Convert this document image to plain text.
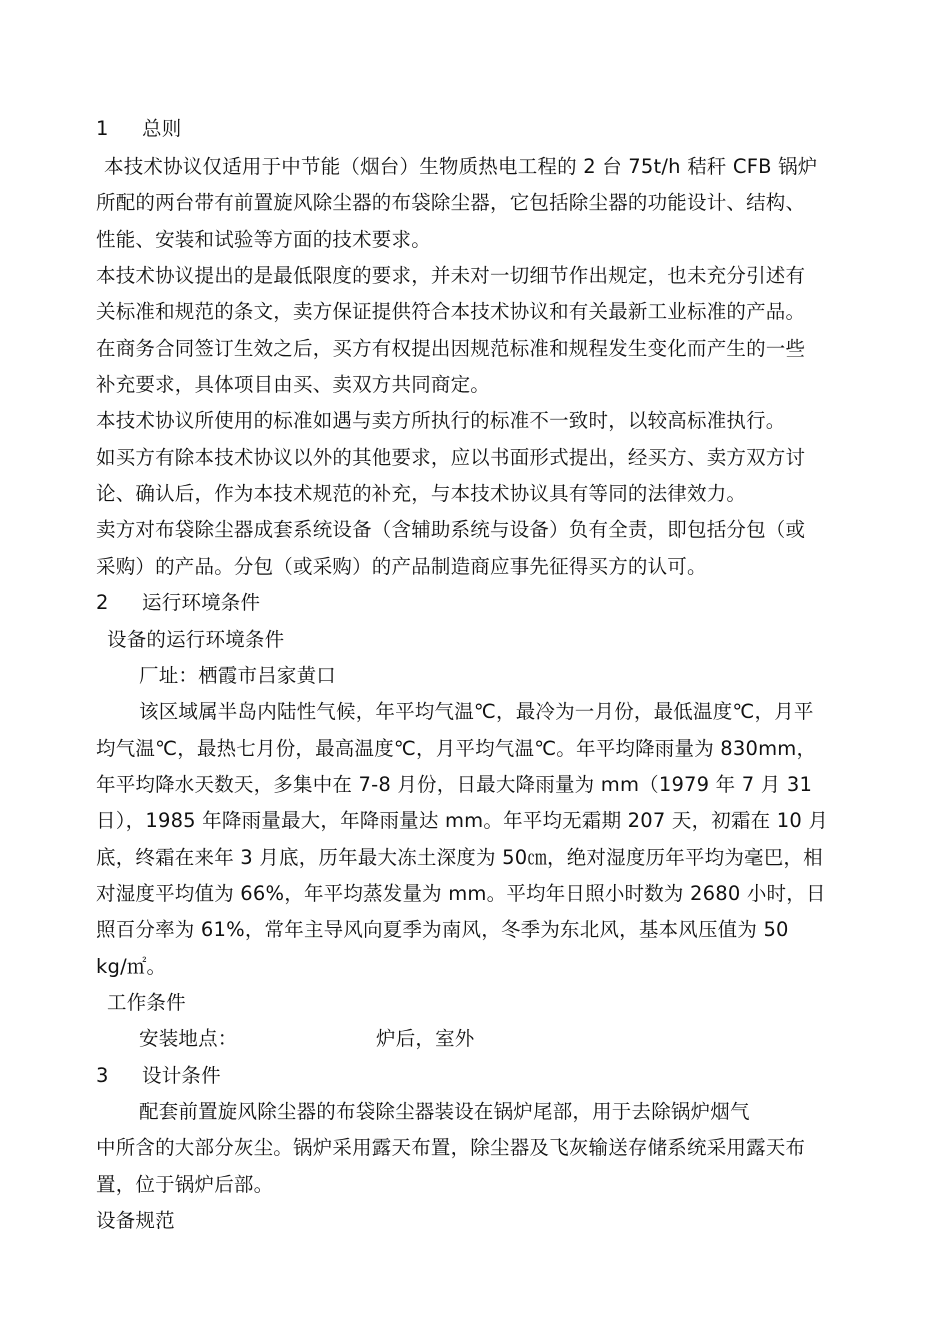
1 总则
本技术协议仅适用于中节能（烟台）生物质热电工程的 2 台 75t/h 秸秆 CFB 锅炉
所配的两台带有前置旋风除尘器的布袋除尘器，它包括除尘器的功能设计、结构、
性能、安装和试验等方面的技术要求。
本技术协议提出的是最低限度的要求，并未对一切细节作出规定，也未充分引述有
关标准和规范的条文，卖方保证提供符合本技术协议和有关最新工业标准的产品。
在商务合同签订生效之后，买方有权提出因规范标准和规程发生变化而产生的一些
补充要求，具体项目由买、卖双方共同商定。
本技术协议所使用的标准如遇与卖方所执行的标准不一致时，以较高标准执行。
如买方有除本技术协议以外的其他要求，应以书面形式提出，经买方、卖方双方讨
论、确认后，作为本技术规范的补充，与本技术协议具有等同的法律效力。
卖方对布袋除尘器成套系统设备（含辅助系统与设备）负有全责，即包括分包（或
采购）的产品。分包（或采购）的产品制造商应事先征得买方的认可。
2 运行环境条件
设备的运行环境条件
厂址：栖霞市吕家黄口
该区域属半岛内陆性气候，年平均气温℃，最冷为一月份，最低温度℃，月平
均气温℃，最热七月份，最高温度℃，月平均气温℃。年平均降雨量为 830mm，
年平均降水天数天，多集中在 7-8 月份，日最大降雨量为 mm（1979 年 7 月 31
日），1985 年降雨量最大，年降雨量达 mm。年平均无霜期 207 天，初霜在 10 月
底，终霜在来年 3 月底，历年最大冻土深度为 50㎝，绝对湿度历年平均为毫巴，相
对湿度平均值为 66%，年平均蒸发量为 mm。平均年日照小时数为 2680 小时，日
照百分率为 61%，常年主导风向夏季为南风，冬季为东北风，基本风压值为 50
kg/㎡。
工作条件
安装地点：	炉后，室外
3 设计条件
配套前置旋风除尘器的布袋除尘器装设在锅炉尾部，用于去除锅炉烟气
中所含的大部分灰尘。锅炉采用露天布置，除尘器及飞灰输送存储系统采用露天布
置，位于锅炉后部。
设备规范
